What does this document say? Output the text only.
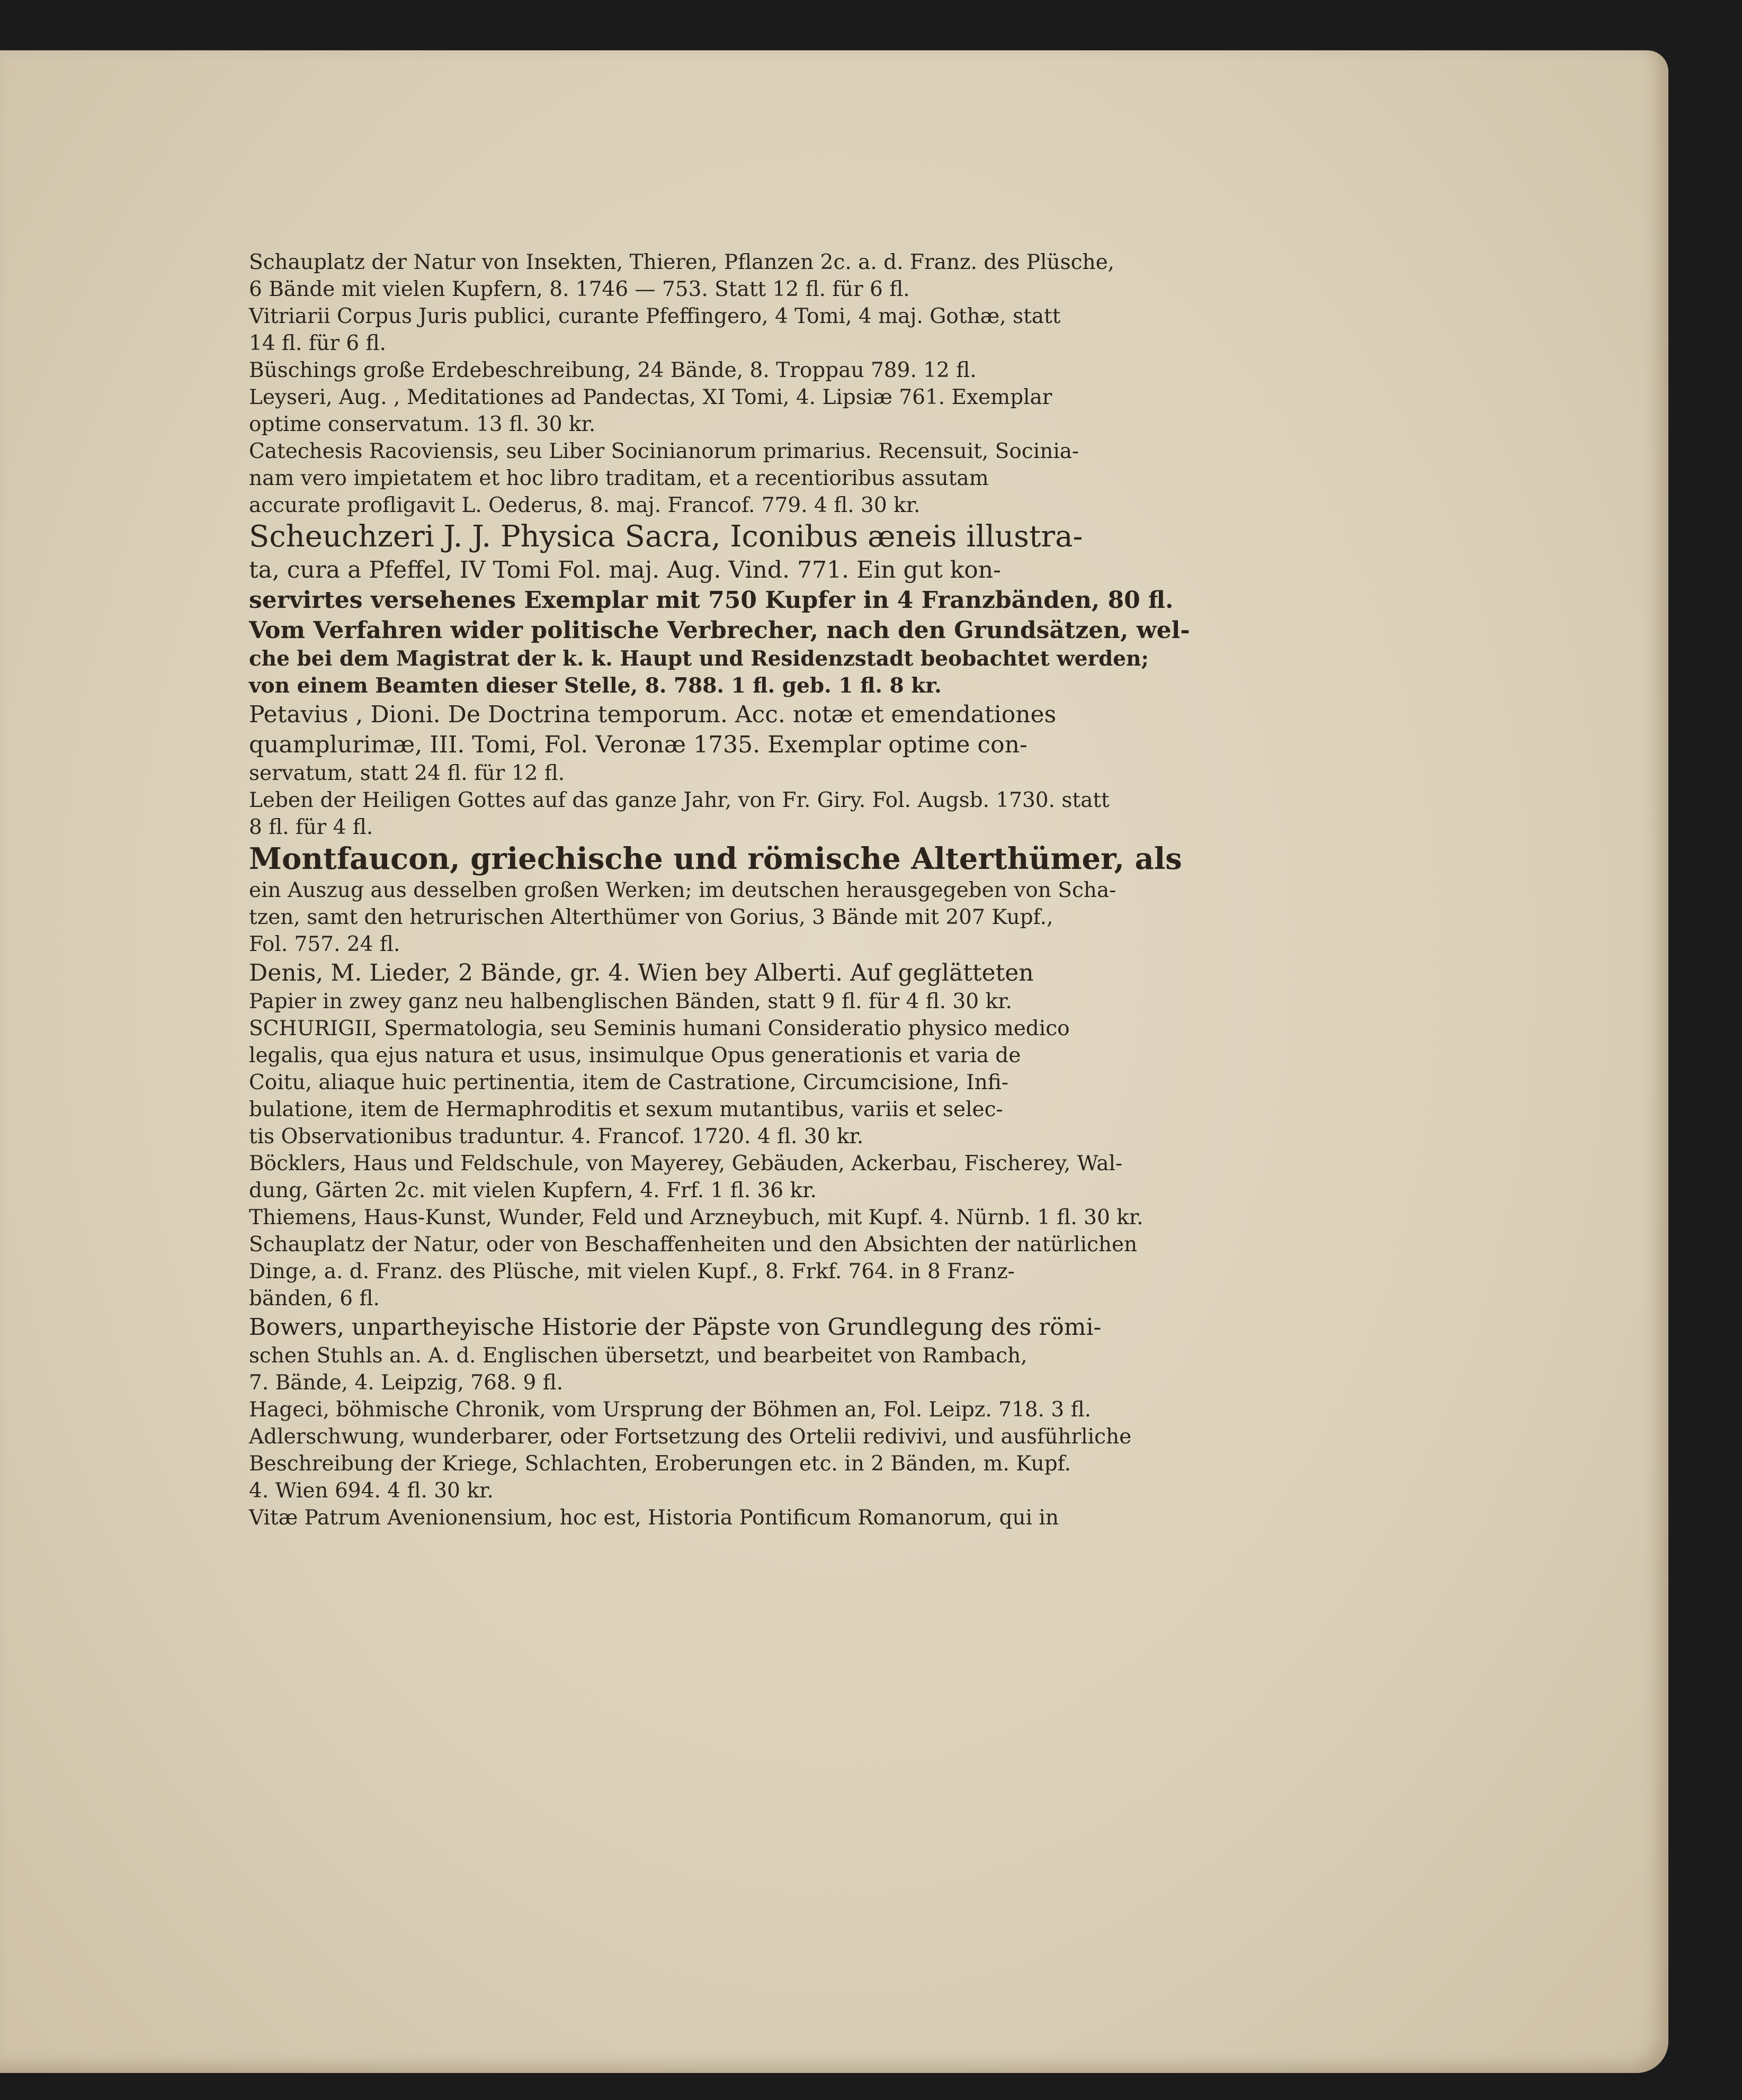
Schauplatz der Natur von Insekten, Thieren, Pflanzen 2c. a. d. Franz. des Plüsche,
6 Bände mit vielen Kupfern, 8. 1746 — 753. Statt 12 fl. für 6 fl.

Vitriarii Corpus Juris publici, curante Pfeffingero, 4 Tomi, 4 maj. Gothæ, statt
14 fl. für 6 fl.

Büschings große Erdebeschreibung, 24 Bände, 8. Troppau 789. 12 fl.

Leyseri, Aug. , Meditationes ad Pandectas, XI Tomi, 4. Lipsiæ 761. Exemplar
optime conservatum. 13 fl. 30 kr.

Catechesis Racoviensis, seu Liber Socinianorum primarius. Recensuit, Socinia-
nam vero impietatem et hoc libro traditam, et a recentioribus assutam
accurate profligavit L. Oederus, 8. maj. Francof. 779. 4 fl. 30 kr.

Scheuchzeri J. J. Physica Sacra, Iconibus æneis illustra-
ta, cura a Pfeffel, IV Tomi Fol. maj. Aug. Vind. 771. Ein gut kon-
servirtes versehenes Exemplar mit 750 Kupfer in 4 Franzbänden, 80 fl.

Vom Verfahren wider politische Verbrecher, nach den Grundsätzen, wel-
che bei dem Magistrat der k. k. Haupt und Residenzstadt beobachtet werden;
von einem Beamten dieser Stelle, 8. 788. 1 fl. geb. 1 fl. 8 kr.

Petavius , Dioni. De Doctrina temporum. Acc. notæ et emendationes
quamplurimæ, III. Tomi, Fol. Veronæ 1735. Exemplar optime con-
servatum, statt 24 fl. für 12 fl.

Leben der Heiligen Gottes auf das ganze Jahr, von Fr. Giry. Fol. Augsb. 1730. statt
8 fl. für 4 fl.

Montfaucon, griechische und römische Alterthümer, als
ein Auszug aus desselben großen Werken; im deutschen herausgegeben von Scha-
tzen, samt den hetrurischen Alterthümer von Gorius, 3 Bände mit 207 Kupf.,
Fol. 757. 24 fl.

Denis, M. Lieder, 2 Bände, gr. 4. Wien bey Alberti. Auf geglätteten
Papier in zwey ganz neu halbenglischen Bänden, statt 9 fl. für 4 fl. 30 kr.

SCHURIGII, Spermatologia, seu Seminis humani Consideratio physico medico
legalis, qua ejus natura et usus, insimulque Opus generationis et varia de
Coitu, aliaque huic pertinentia, item de Castratione, Circumcisione, Infi-
bulatione, item de Hermaphroditis et sexum mutantibus, variis et selec-
tis Observationibus traduntur. 4. Francof. 1720. 4 fl. 30 kr.

Böcklers, Haus und Feldschule, von Mayerey, Gebäuden, Ackerbau, Fischerey, Wal-
dung, Gärten 2c. mit vielen Kupfern, 4. Frf. 1 fl. 36 kr.

Thiemens, Haus-Kunst, Wunder, Feld und Arzneybuch, mit Kupf. 4. Nürnb. 1 fl. 30 kr.

Schauplatz der Natur, oder von Beschaffenheiten und den Absichten der natürlichen
Dinge, a. d. Franz. des Plüsche, mit vielen Kupf., 8. Frkf. 764. in 8 Franz-
bänden, 6 fl.

Bowers, unpartheyische Historie der Päpste von Grundlegung des römi-
schen Stuhls an. A. d. Englischen übersetzt, und bearbeitet von Rambach,
7. Bände, 4. Leipzig, 768. 9 fl.

Hageci, böhmische Chronik, vom Ursprung der Böhmen an, Fol. Leipz. 718. 3 fl.

Adlerschwung, wunderbarer, oder Fortsetzung des Ortelii redivivi, und ausführliche
Beschreibung der Kriege, Schlachten, Eroberungen etc. in 2 Bänden, m. Kupf.
4. Wien 694. 4 fl. 30 kr.

Vitæ Patrum Avenionensium, hoc est, Historia Pontificum Romanorum, qui in
